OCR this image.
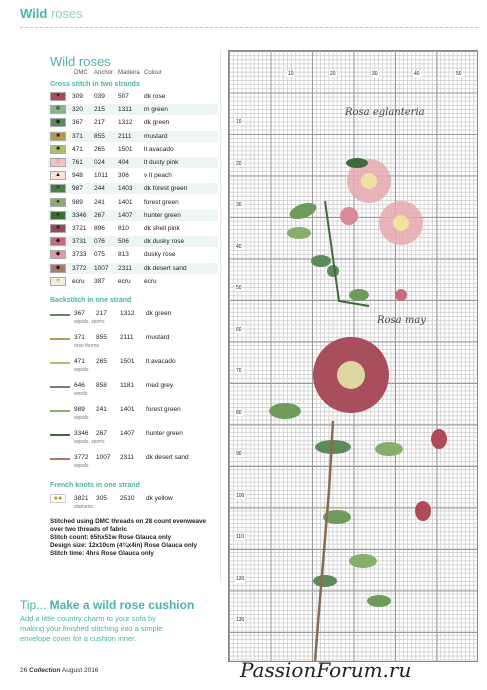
Wild roses
Wild roses
DMC Anchor Madeira Colour
Cross stitch in two strands
♥	309 039 507 dk rose
✲	320 215 1311 m green
◆	367 217 1312 dk green
■	371 855 2111 mustard
■	471 265 1501 lt avacado
♡	761 024 404 lt dusty pink
▲	948 1011 306 v lt peach
✕	987 244 1403 dk forest green
●	989 241 1401 forest green
●	3346 267 1407 hunter green
■	3721 896 810 dk shell pink
◆	3731 076 506 dk dusky rose
◆	3733 075 813 dusky rose
◆	3772 1007 2311 dk desert sand
○	ecru 387 ecru ecru
Backstitch in one strand
367 217 1312 dk green
sepals, stems
371 855 2111 mustard
rose thorns
471 265 1501 lt avacado
sepals
646 858 1181 med grey
words
989 241 1401 forest green
sepals
3346 267 1407 hunter green
sepals, stems
3772 1007 2311 dk desert sand
sepals
French knots in one strand
●●	3821 305 2510 dk yellow
stamens
Stitched using DMC threads on 28 count evenweave
over two threads of fabric
Stitch count: 65hx51w Rose Glauca only
Design size: 12x10cm (4¾x4in) Rose Glauca only
Stitch time: 4hrs Rose Glauca only
10	20	30	40	50
10
20
30
40
50
60
70
80
90
100
110
120
130
Rosa eglanteria
Rosa may
Tip... Make a wild rose cushion
Add a little country charm to your sofa by
making your finished stitching into a simple
envelope cover for a cushion inner.
26 Collection August 2016	PassionForum.ru
